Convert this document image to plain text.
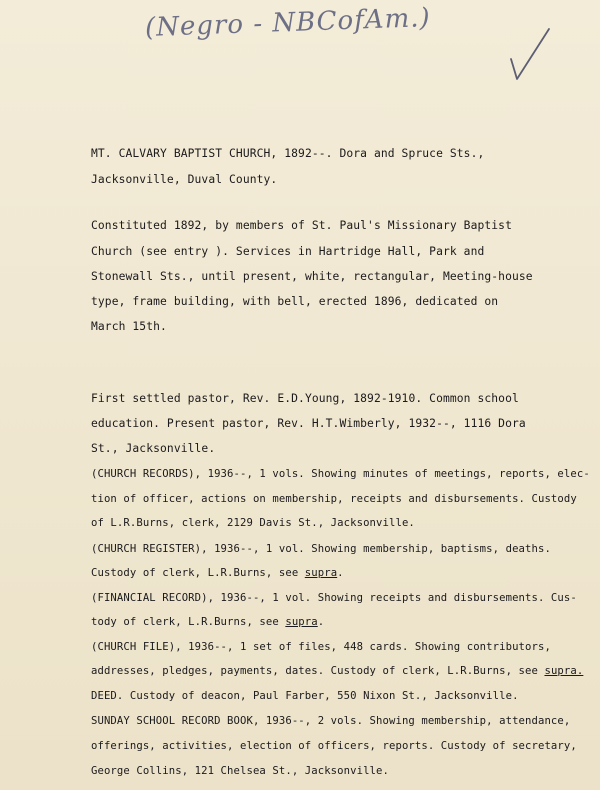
(Negro - NBCofAm.)
MT. CALVARY BAPTIST CHURCH, 1892--. Dora and Spruce Sts.,
Jacksonville, Duval County.
Constituted 1892, by members of St. Paul's Missionary Baptist
Church (see entry ). Services in Hartridge Hall, Park and
Stonewall Sts., until present, white, rectangular, Meeting-house
type, frame building, with bell, erected 1896, dedicated on
March 15th.
First settled pastor, Rev. E.D.Young, 1892-1910. Common school
education. Present pastor, Rev. H.T.Wimberly, 1932--, 1116 Dora
St., Jacksonville.
(CHURCH RECORDS), 1936--, 1 vols. Showing minutes of meetings, reports, elec-
tion of officer, actions on membership, receipts and disbursements. Custody
of L.R.Burns, clerk, 2129 Davis St., Jacksonville.
(CHURCH REGISTER), 1936--, 1 vol. Showing membership, baptisms, deaths.
Custody of clerk, L.R.Burns, see supra.
(FINANCIAL RECORD), 1936--, 1 vol. Showing receipts and disbursements. Cus-
tody of clerk, L.R.Burns, see supra.
(CHURCH FILE), 1936--, 1 set of files, 448 cards. Showing contributors,
addresses, pledges, payments, dates. Custody of clerk, L.R.Burns, see supra.
DEED. Custody of deacon, Paul Farber, 550 Nixon St., Jacksonville.
SUNDAY SCHOOL RECORD BOOK, 1936--, 2 vols. Showing membership, attendance,
offerings, activities, election of officers, reports. Custody of secretary,
George Collins, 121 Chelsea St., Jacksonville.
